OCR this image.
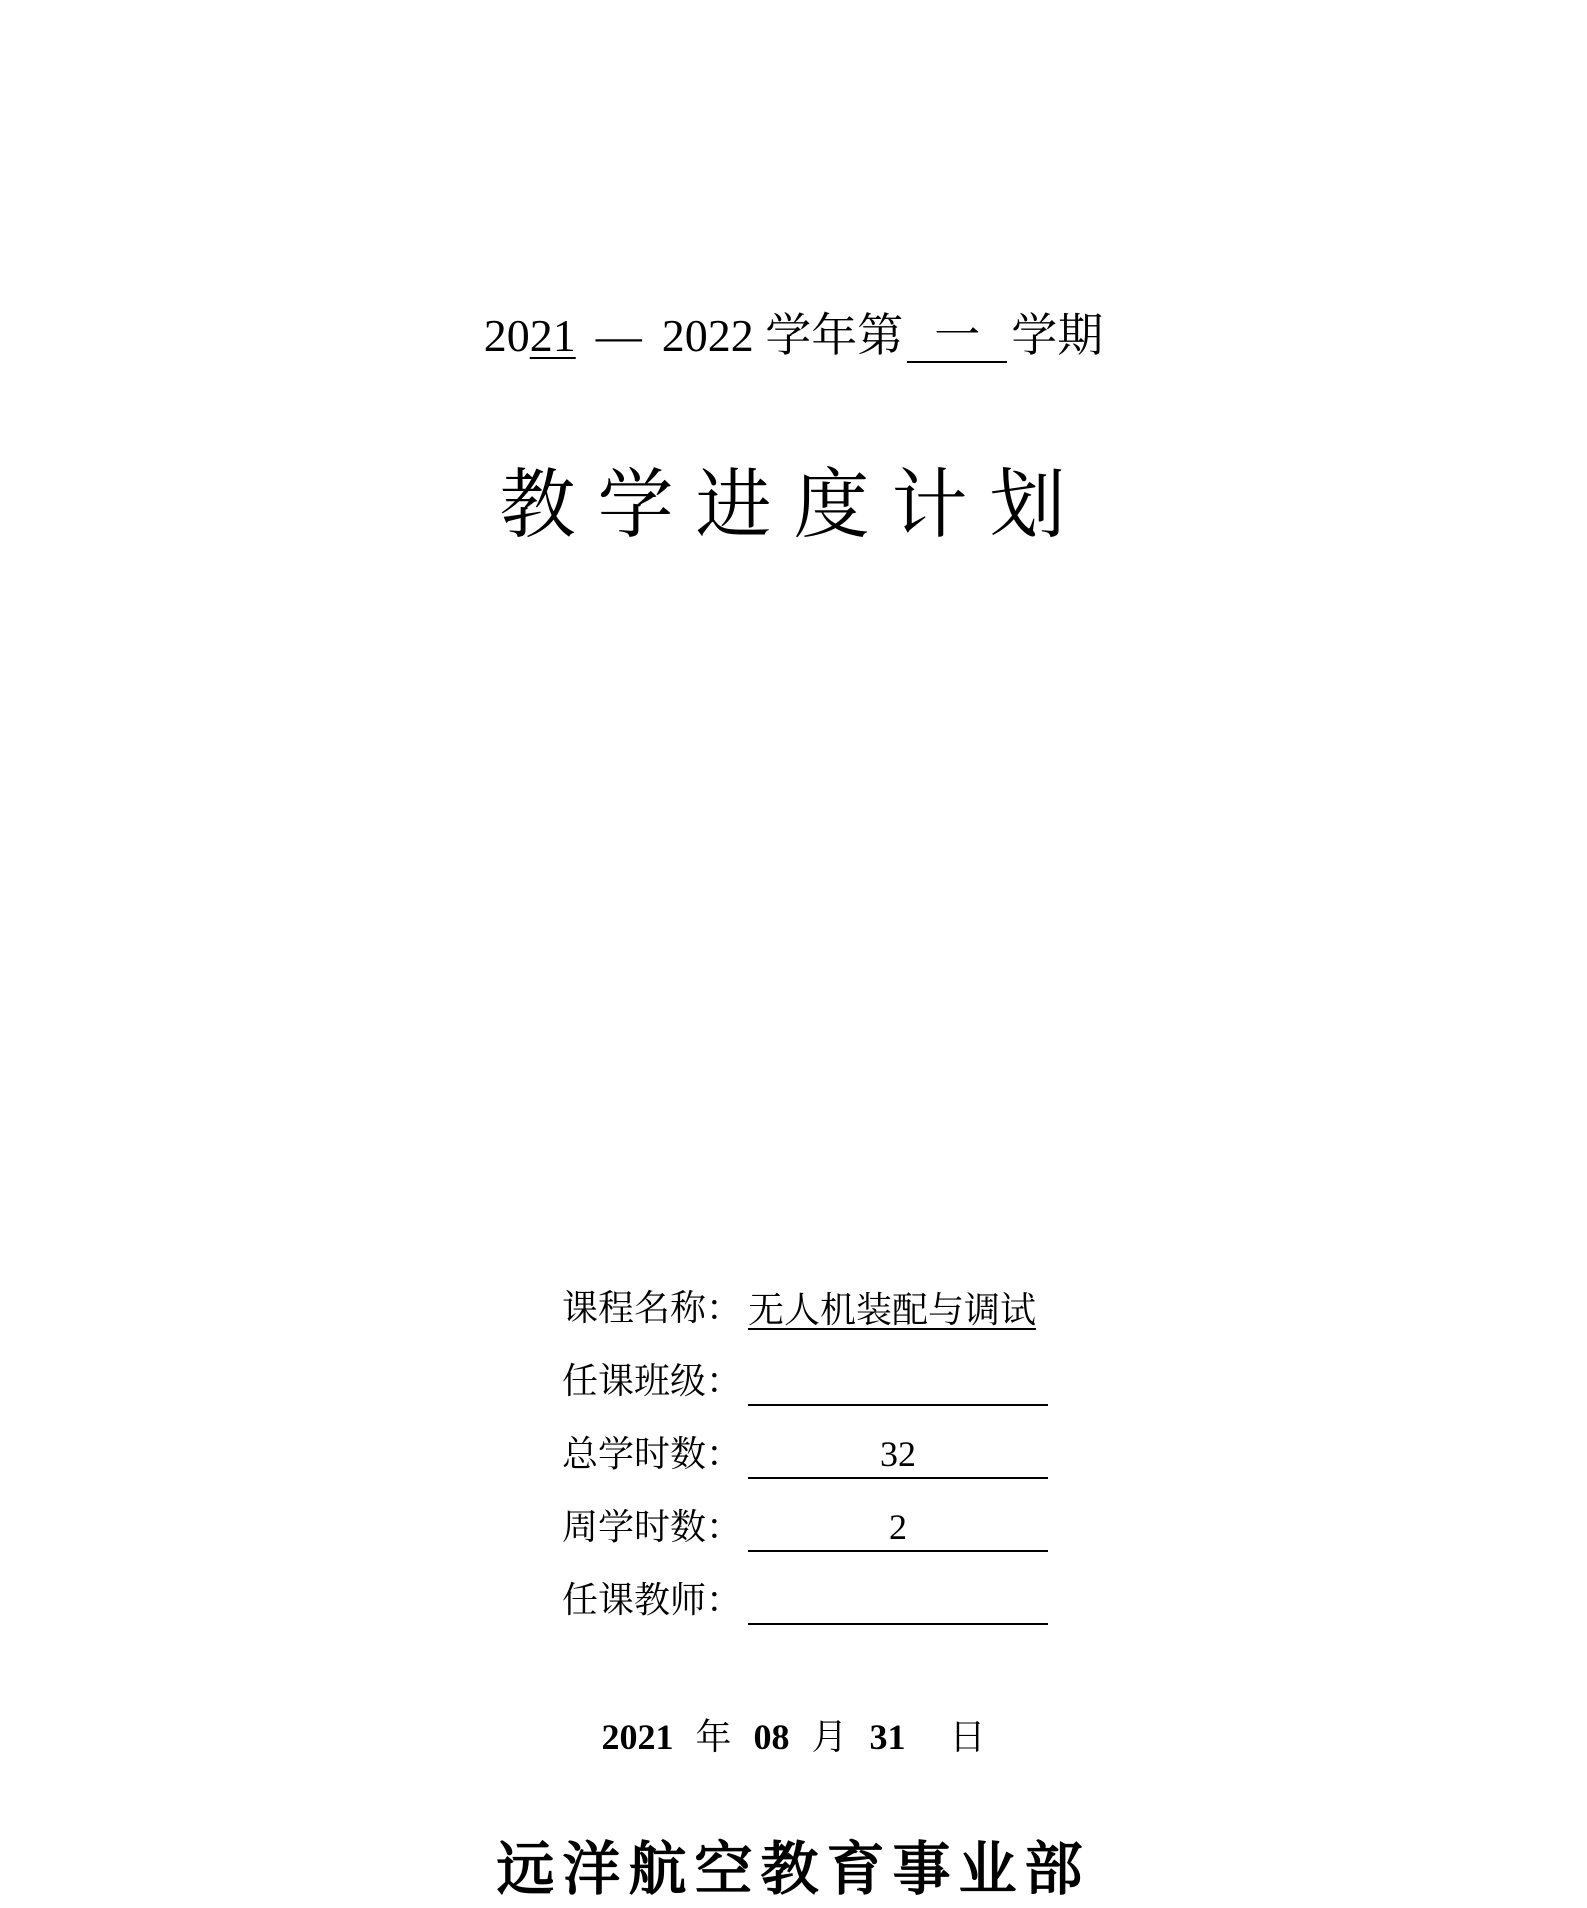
2021 — 2022 学年第 一 学期
教学进度计划
课程名称： 无人机装配与调试
任课班级：
总学时数：	32
周学时数：	2
任课教师：
2021 年 08 月 31 日
远洋航空教育事业部
